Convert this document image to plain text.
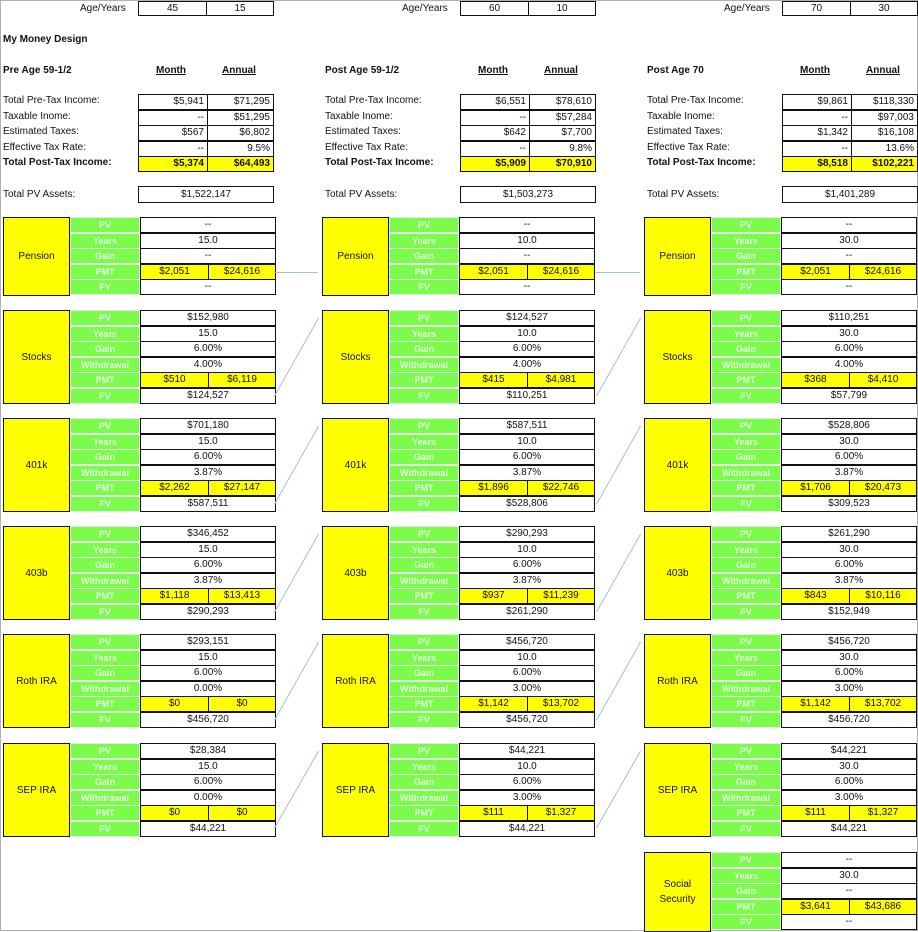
Age/Years	45	15	Age/Years	60	10	Age/Years	70	30
My Money Design
Pre Age 59-1/2	Month	Annual
Total Pre-Tax Income:	$5,941	$71,295
Taxable Inome:	--	$51,295
Estimated Taxes:	$567	$6,802
Effective Tax Rate:	--	9.5%
Total Post-Tax Income:	$5,374	$64,493
Total PV Assets:	$1,522,147
Post Age 59-1/2	Month	Annual
Total Pre-Tax Income:	$6,551	$78,610
Taxable Inome:	--	$57,284
Estimated Taxes:	$642	$7,700
Effective Tax Rate:	--	9.8%
Total Post-Tax Income:	$5,909	$70,910
Total PV Assets:	$1,503,273
Post Age 70	Month	Annual
Total Pre-Tax Income:	$9,861	$118,330
Taxable Inome:	--	$97,003
Estimated Taxes:	$1,342	$16,108
Effective Tax Rate:	--	13.6%
Total Post-Tax Income:	$8,518	$102,221
Total PV Assets:	$1,401,289
Pension
PV	--
Years	15.0
Gain	--
PMT	$2,051	$24,616
FV	--
Pension
PV	--
Years	10.0
Gain	--
PMT	$2,051	$24,616
FV	--
Pension
PV	--
Years	30.0
Gain	--
PMT	$2,051	$24,616
FV	--
Stocks
PV	$152,980
Years	15.0
Gain	6.00%
Withdrawal	4.00%
PMT	$510	$6,119
FV	$124,527
Stocks
PV	$124,527
Years	10.0
Gain	6.00%
Withdrawal	4.00%
PMT	$415	$4,981
FV	$110,251
Stocks
PV	$110,251
Years	30.0
Gain	6.00%
Withdrawal	4.00%
PMT	$368	$4,410
FV	$57,799
401k
PV	$701,180
Years	15.0
Gain	6.00%
Withdrawal	3.87%
PMT	$2,262	$27,147
FV	$587,511
401k
PV	$587,511
Years	10.0
Gain	6.00%
Withdrawal	3.87%
PMT	$1,896	$22,746
FV	$528,806
401k
PV	$528,806
Years	30.0
Gain	6.00%
Withdrawal	3.87%
PMT	$1,706	$20,473
FV	$309,523
403b
PV	$346,452
Years	15.0
Gain	6.00%
Withdrawal	3.87%
PMT	$1,118	$13,413
FV	$290,293
403b
PV	$290,293
Years	10.0
Gain	6.00%
Withdrawal	3.87%
PMT	$937	$11,239
FV	$261,290
403b
PV	$261,290
Years	30.0
Gain	6.00%
Withdrawal	3.87%
PMT	$843	$10,116
FV	$152,949
Roth IRA
PV	$293,151
Years	15.0
Gain	6.00%
Withdrawal	0.00%
PMT	$0	$0
FV	$456,720
Roth IRA
PV	$456,720
Years	10.0
Gain	6.00%
Withdrawal	3.00%
PMT	$1,142	$13,702
FV	$456,720
Roth IRA
PV	$456,720
Years	30.0
Gain	6.00%
Withdrawal	3.00%
PMT	$1,142	$13,702
FV	$456,720
SEP IRA
PV	$28,384
Years	15.0
Gain	6.00%
Withdrawal	0.00%
PMT	$0	$0
FV	$44,221
SEP IRA
PV	$44,221
Years	10.0
Gain	6.00%
Withdrawal	3.00%
PMT	$111	$1,327
FV	$44,221
SEP IRA
PV	$44,221
Years	30.0
Gain	6.00%
Withdrawal	3.00%
PMT	$111	$1,327
FV	$44,221
Social
Security
PV	--
Years	30.0
Gain	--
PMT	$3,641	$43,686
FV	--
